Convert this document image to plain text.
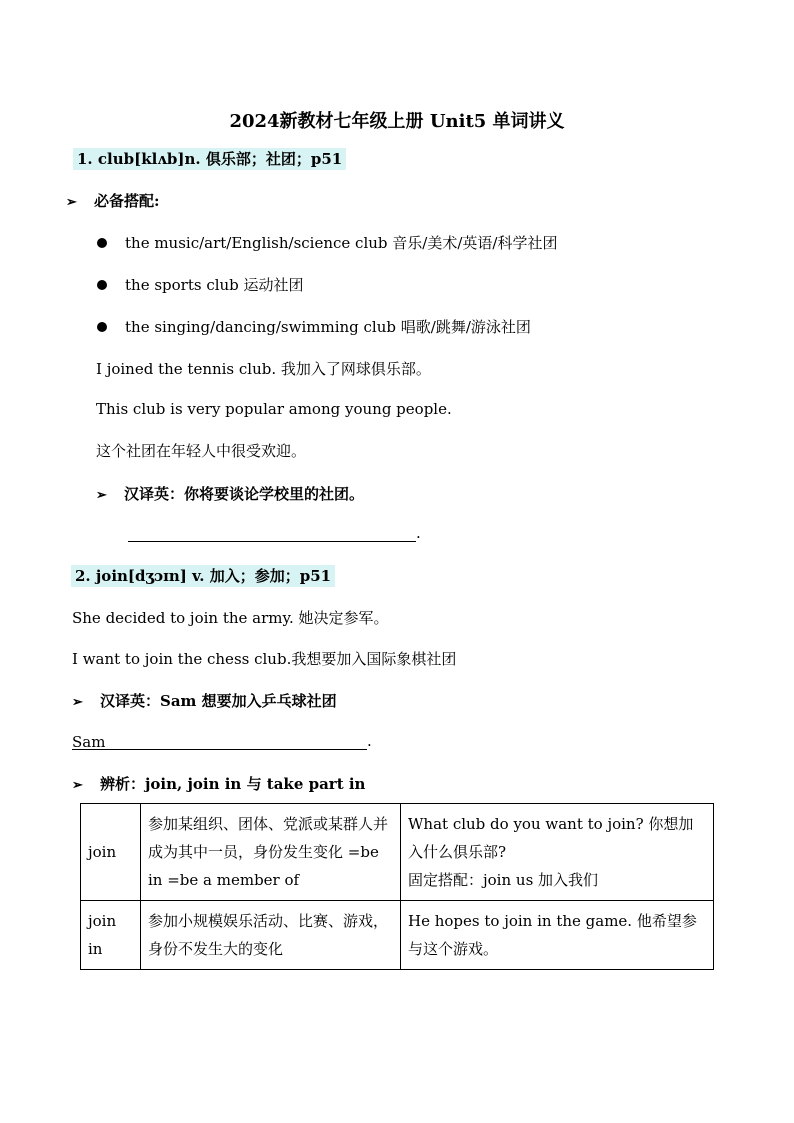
2024新教材七年级上册 Unit5 单词讲义
1. club[klʌb]n. 俱乐部；社团；p51
➢ 必备搭配:
the music/art/English/science club 音乐/美术/英语/科学社团
the sports club 运动社团
the singing/dancing/swimming club 唱歌/跳舞/游泳社团
I joined the tennis club. 我加入了网球俱乐部。
This club is very popular among young people.
这个社团在年轻人中很受欢迎。
➢ 汉译英：你将要谈论学校里的社团。
.
2. join[dʒɔɪn] v. 加入；参加；p51
She decided to join the army. 她决定参军。
I want to join the chess club.我想要加入国际象棋社团
➢ 汉译英：Sam 想要加入乒乓球社团
Sam	.
➢ 辨析：join, join in 与 take part in
join	参加某组织、团体、党派或某群人并成为其中一员，身份发生变化 =be in =be a member of	What club do you want to join? 你想加入什么俱乐部?
固定搭配：join us 加入我们

join in	参加小规模娱乐活动、比赛、游戏，身份不发生大的变化	He hopes to join in the game. 他希望参与这个游戏。
